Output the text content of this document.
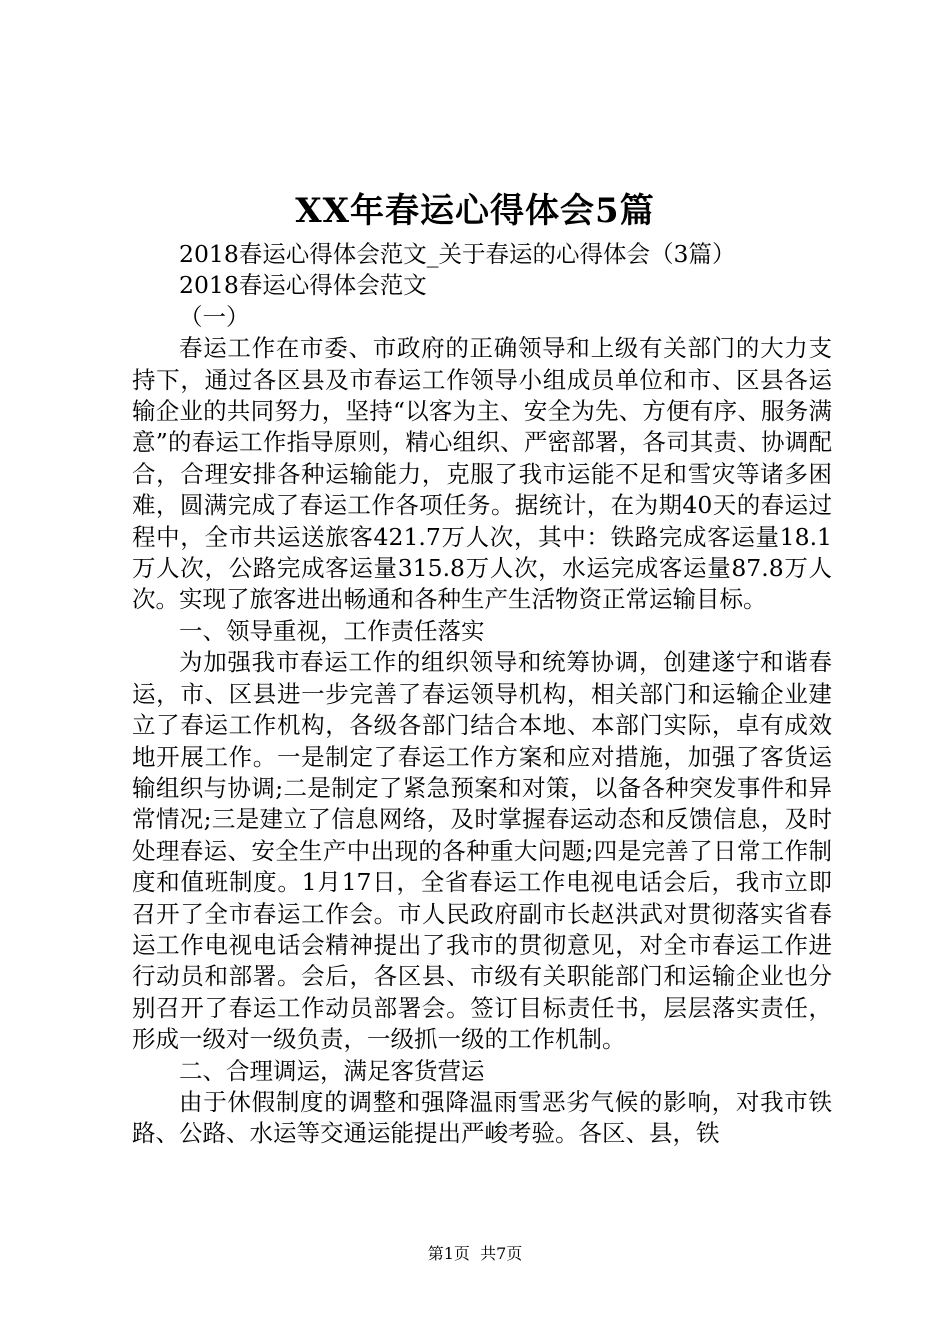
XX年春运心得体会5篇

2018春运心得体会范文_关于春运的心得体会（3篇）

2018春运心得体会范文

（一）

春运工作在市委、市政府的正确领导和上级有关部门的大力支持下，通过各区县及市春运工作领导小组成员单位和市、区县各运输企业的共同努力，坚持“以客为主、安全为先、方便有序、服务满意”的春运工作指导原则，精心组织、严密部署，各司其责、协调配合，合理安排各种运输能力，克服了我市运能不足和雪灾等诸多困难，圆满完成了春运工作各项任务。据统计，在为期40天的春运过程中，全市共运送旅客421.7万人次，其中：铁路完成客运量18.1万人次，公路完成客运量315.8万人次，水运完成客运量87.8万人次。实现了旅客进出畅通和各种生产生活物资正常运输目标。

一、领导重视，工作责任落实

为加强我市春运工作的组织领导和统筹协调，创建遂宁和谐春运，市、区县进一步完善了春运领导机构，相关部门和运输企业建立了春运工作机构，各级各部门结合本地、本部门实际，卓有成效地开展工作。一是制定了春运工作方案和应对措施，加强了客货运输组织与协调;二是制定了紧急预案和对策，以备各种突发事件和异常情况;三是建立了信息网络，及时掌握春运动态和反馈信息，及时处理春运、安全生产中出现的各种重大问题;四是完善了日常工作制度和值班制度。1月17日，全省春运工作电视电话会后，我市立即召开了全市春运工作会。市人民政府副市长赵洪武对贯彻落实省春运工作电视电话会精神提出了我市的贯彻意见，对全市春运工作进行动员和部署。会后，各区县、市级有关职能部门和运输企业也分别召开了春运工作动员部署会。签订目标责任书，层层落实责任，形成一级对一级负责，一级抓一级的工作机制。

二、合理调运，满足客货营运

由于休假制度的调整和强降温雨雪恶劣气候的影响，对我市铁路、公路、水运等交通运能提出严峻考验。各区、县，铁

第1页  共7页
